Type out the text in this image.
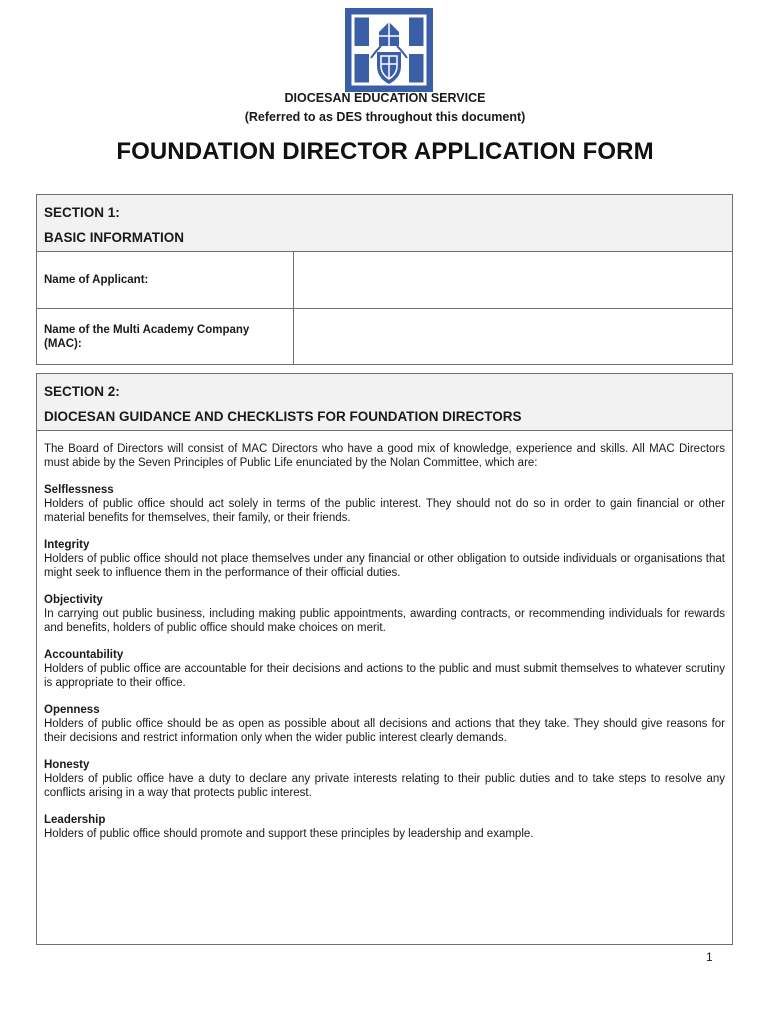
DIOCESAN EDUCATION SERVICE
(Referred to as DES throughout this document)
FOUNDATION DIRECTOR APPLICATION FORM
SECTION 1:
BASIC INFORMATION
Name of Applicant:
Name of the Multi Academy Company (MAC):
SECTION 2:
DIOCESAN GUIDANCE AND CHECKLISTS FOR FOUNDATION DIRECTORS

The Board of Directors will consist of MAC Directors who have a good mix of knowledge, experience and skills. All MAC Directors must abide by the Seven Principles of Public Life enunciated by the Nolan Committee, which are:

Selflessness
Holders of public office should act solely in terms of the public interest. They should not do so in order to gain financial or other material benefits for themselves, their family, or their friends.
Integrity
Holders of public office should not place themselves under any financial or other obligation to outside individuals or organisations that might seek to influence them in the performance of their official duties.
Objectivity
In carrying out public business, including making public appointments, awarding contracts, or recommending individuals for rewards and benefits, holders of public office should make choices on merit.
Accountability
Holders of public office are accountable for their decisions and actions to the public and must submit themselves to whatever scrutiny is appropriate to their office.
Openness
Holders of public office should be as open as possible about all decisions and actions that they take. They should give reasons for their decisions and restrict information only when the wider public interest clearly demands.
Honesty
Holders of public office have a duty to declare any private interests relating to their public duties and to take steps to resolve any conflicts arising in a way that protects public interest.
Leadership
Holders of public office should promote and support these principles by leadership and example.
1
